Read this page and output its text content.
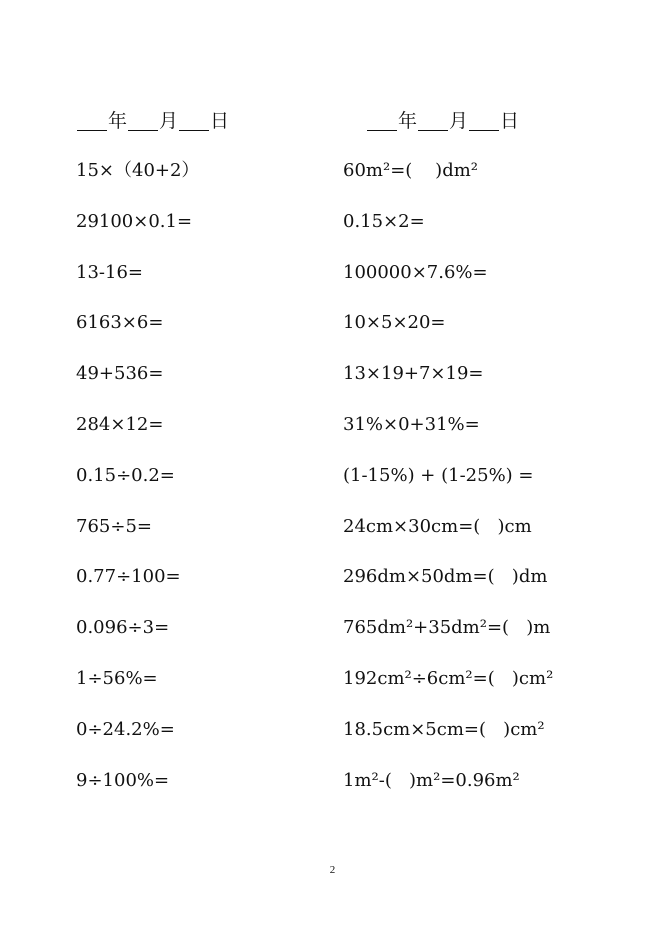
年 月 日
15×（40+2）
29100×0.1=
13-16=
6163×6=
49+536=
284×12=
0.15÷0.2=
765÷5=
0.77÷100=
0.096÷3=
1÷56%=
0÷24.2%=
9÷100%=
年 月 日
60m²=(    )dm²
0.15×2=
100000×7.6%=
10×5×20=
13×19+7×19=
31%×0+31%=
(1-15%) + (1-25%) =
24cm×30cm=(   )cm
296dm×50dm=(   )dm
765dm²+35dm²=(   )m
192cm²÷6cm²=(   )cm²
18.5cm×5cm=(   )cm²
1m²-(   )m²=0.96m²
2
